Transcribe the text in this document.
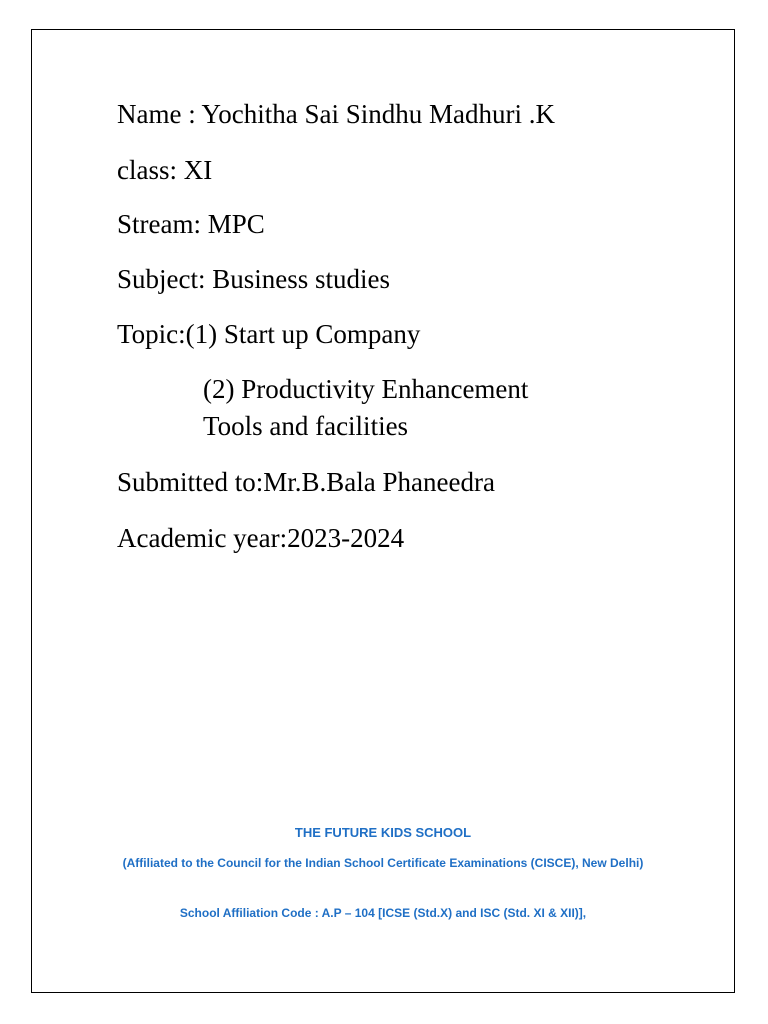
Name : Yochitha Sai Sindhu Madhuri .K
class: XI
Stream: MPC
Subject: Business studies
Topic:(1) Start up Company
(2) Productivity Enhancement
Tools and facilities
Submitted to:Mr.B.Bala Phaneedra
Academic year:2023-2024
THE FUTURE KIDS SCHOOL
(Affiliated to the Council for the Indian School Certificate Examinations (CISCE), New Delhi)
School Affiliation Code : A.P – 104 [ICSE (Std.X) and ISC (Std. XI & XII)],
